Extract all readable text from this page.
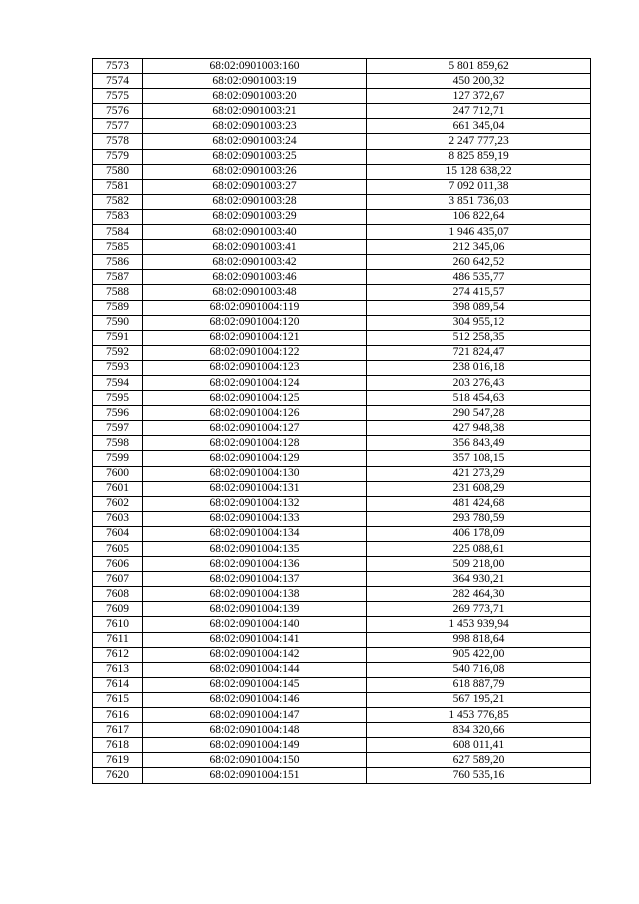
7573	68:02:0901003:160	5 801 859,62
7574	68:02:0901003:19	450 200,32
7575	68:02:0901003:20	127 372,67
7576	68:02:0901003:21	247 712,71
7577	68:02:0901003:23	661 345,04
7578	68:02:0901003:24	2 247 777,23
7579	68:02:0901003:25	8 825 859,19
7580	68:02:0901003:26	15 128 638,22
7581	68:02:0901003:27	7 092 011,38
7582	68:02:0901003:28	3 851 736,03
7583	68:02:0901003:29	106 822,64
7584	68:02:0901003:40	1 946 435,07
7585	68:02:0901003:41	212 345,06
7586	68:02:0901003:42	260 642,52
7587	68:02:0901003:46	486 535,77
7588	68:02:0901003:48	274 415,57
7589	68:02:0901004:119	398 089,54
7590	68:02:0901004:120	304 955,12
7591	68:02:0901004:121	512 258,35
7592	68:02:0901004:122	721 824,47
7593	68:02:0901004:123	238 016,18
7594	68:02:0901004:124	203 276,43
7595	68:02:0901004:125	518 454,63
7596	68:02:0901004:126	290 547,28
7597	68:02:0901004:127	427 948,38
7598	68:02:0901004:128	356 843,49
7599	68:02:0901004:129	357 108,15
7600	68:02:0901004:130	421 273,29
7601	68:02:0901004:131	231 608,29
7602	68:02:0901004:132	481 424,68
7603	68:02:0901004:133	293 780,59
7604	68:02:0901004:134	406 178,09
7605	68:02:0901004:135	225 088,61
7606	68:02:0901004:136	509 218,00
7607	68:02:0901004:137	364 930,21
7608	68:02:0901004:138	282 464,30
7609	68:02:0901004:139	269 773,71
7610	68:02:0901004:140	1 453 939,94
7611	68:02:0901004:141	998 818,64
7612	68:02:0901004:142	905 422,00
7613	68:02:0901004:144	540 716,08
7614	68:02:0901004:145	618 887,79
7615	68:02:0901004:146	567 195,21
7616	68:02:0901004:147	1 453 776,85
7617	68:02:0901004:148	834 320,66
7618	68:02:0901004:149	608 011,41
7619	68:02:0901004:150	627 589,20
7620	68:02:0901004:151	760 535,16
